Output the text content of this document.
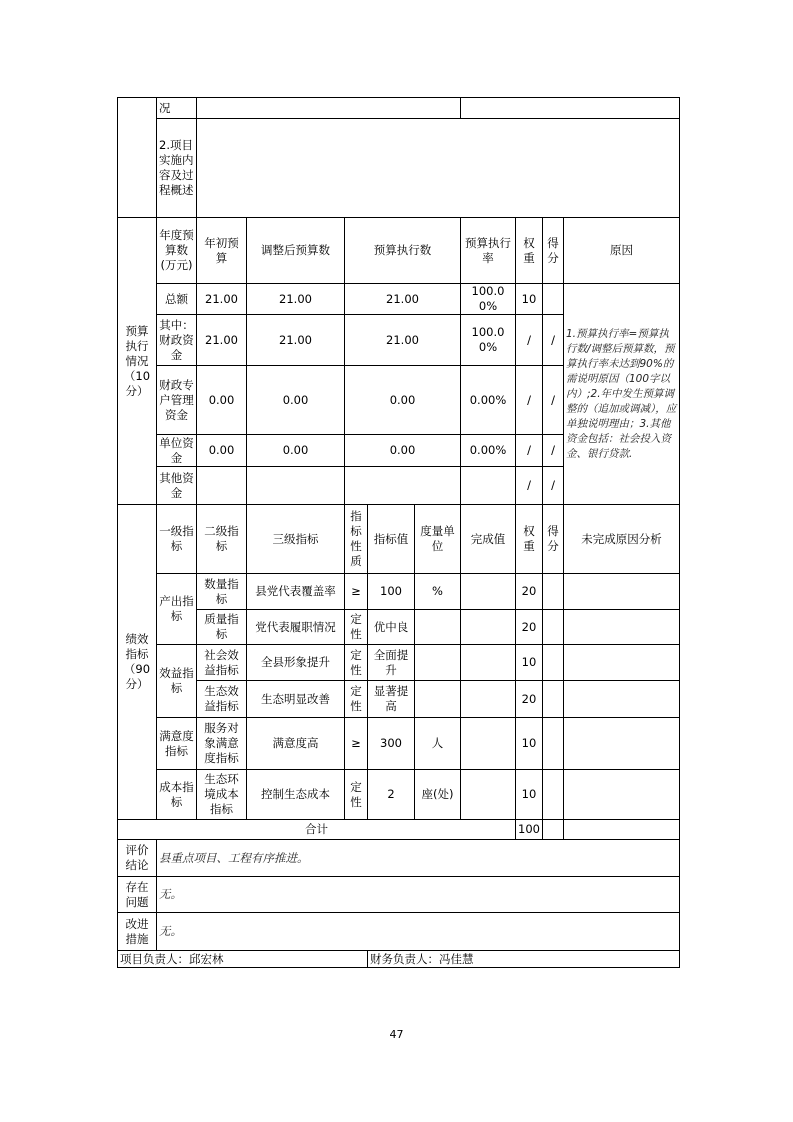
	况									
	2.项目实施内容及过程概述									
预算执行情况（10分）	年度预算数(万元)	年初预算	调整后预算数	预算执行数			预算执行率	权重	得分	原因
	总额	21.00	21.00	21.00			100.00%	10		1.预算执行率=预算执行数/调整后预算数，预算执行率未达到90%的需说明原因（100字以内）;2.年中发生预算调整的（追加或调减），应单独说明理由；3.其他资金包括：社会投入资金、银行贷款.
	其中：财政资金	21.00	21.00	21.00			100.00%	/	/	
	财政专户管理资金	0.00	0.00	0.00			0.00%	/	/	
	单位资金	0.00	0.00	0.00			0.00%	/	/	
	其他资金							/	/	
绩效指标（90分）	一级指标	二级指标	三级指标	指标性质	指标值	度量单位	完成值	权重	得分	未完成原因分析
	产出指标	数量指标	县党代表覆盖率	≥	100	%		20		
		质量指标	党代表履职情况	定性	优中良			20		
	效益指标	社会效益指标	全县形象提升	定性	全面提升			10		
		生态效益指标	生态明显改善	定性	显著提高			20		
	满意度指标	服务对象满意度指标	满意度高	≥	300	人		10		
	成本指标	生态环境成本指标	控制生态成本	定性	2	座(处)		10		
合计								100		
评价结论	县重点项目、工程有序推进。									
存在问题	无。									
改进措施	无。									
项目负责人：邱宏林					财务负责人：冯佳慧					
47
